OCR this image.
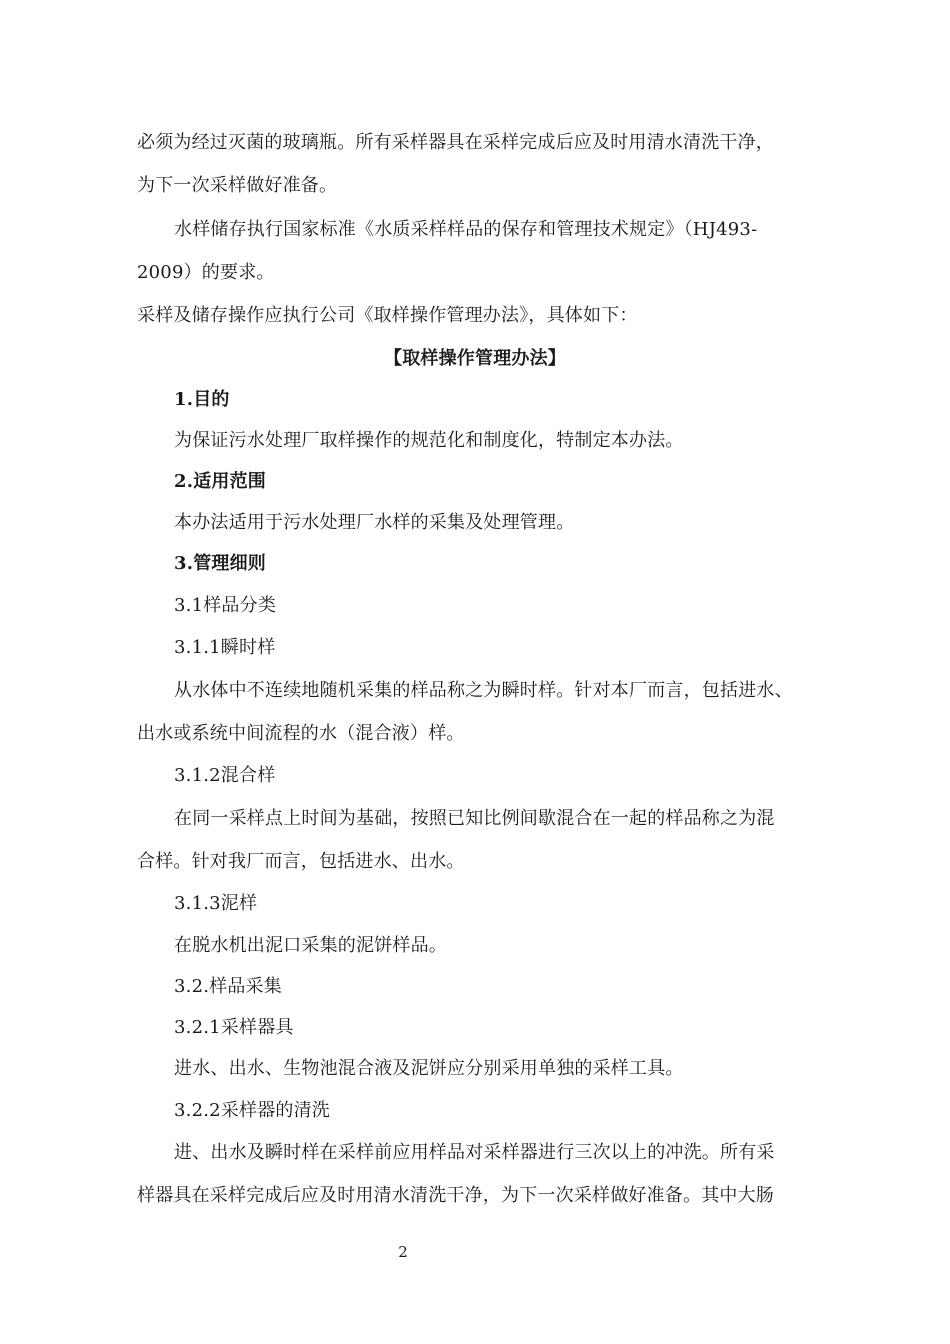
必须为经过灭菌的玻璃瓶。所有采样器具在采样完成后应及时用清水清洗干净，
为下一次采样做好准备。
水样储存执行国家标准《水质采样样品的保存和管理技术规定》（HJ493-
2009）的要求。
采样及储存操作应执行公司《取样操作管理办法》，具体如下：
【取样操作管理办法】
1.目的
为保证污水处理厂取样操作的规范化和制度化，特制定本办法。
2.适用范围
本办法适用于污水处理厂水样的采集及处理管理。
3.管理细则
3.1样品分类
3.1.1瞬时样
从水体中不连续地随机采集的样品称之为瞬时样。针对本厂而言，包括进水、
出水或系统中间流程的水（混合液）样。
3.1.2混合样
在同一采样点上时间为基础，按照已知比例间歇混合在一起的样品称之为混
合样。针对我厂而言，包括进水、出水。
3.1.3泥样
在脱水机出泥口采集的泥饼样品。
3.2.样品采集
3.2.1采样器具
进水、出水、生物池混合液及泥饼应分别采用单独的采样工具。
3.2.2采样器的清洗
进、出水及瞬时样在采样前应用样品对采样器进行三次以上的冲洗。所有采
样器具在采样完成后应及时用清水清洗干净，为下一次采样做好准备。其中大肠
2
